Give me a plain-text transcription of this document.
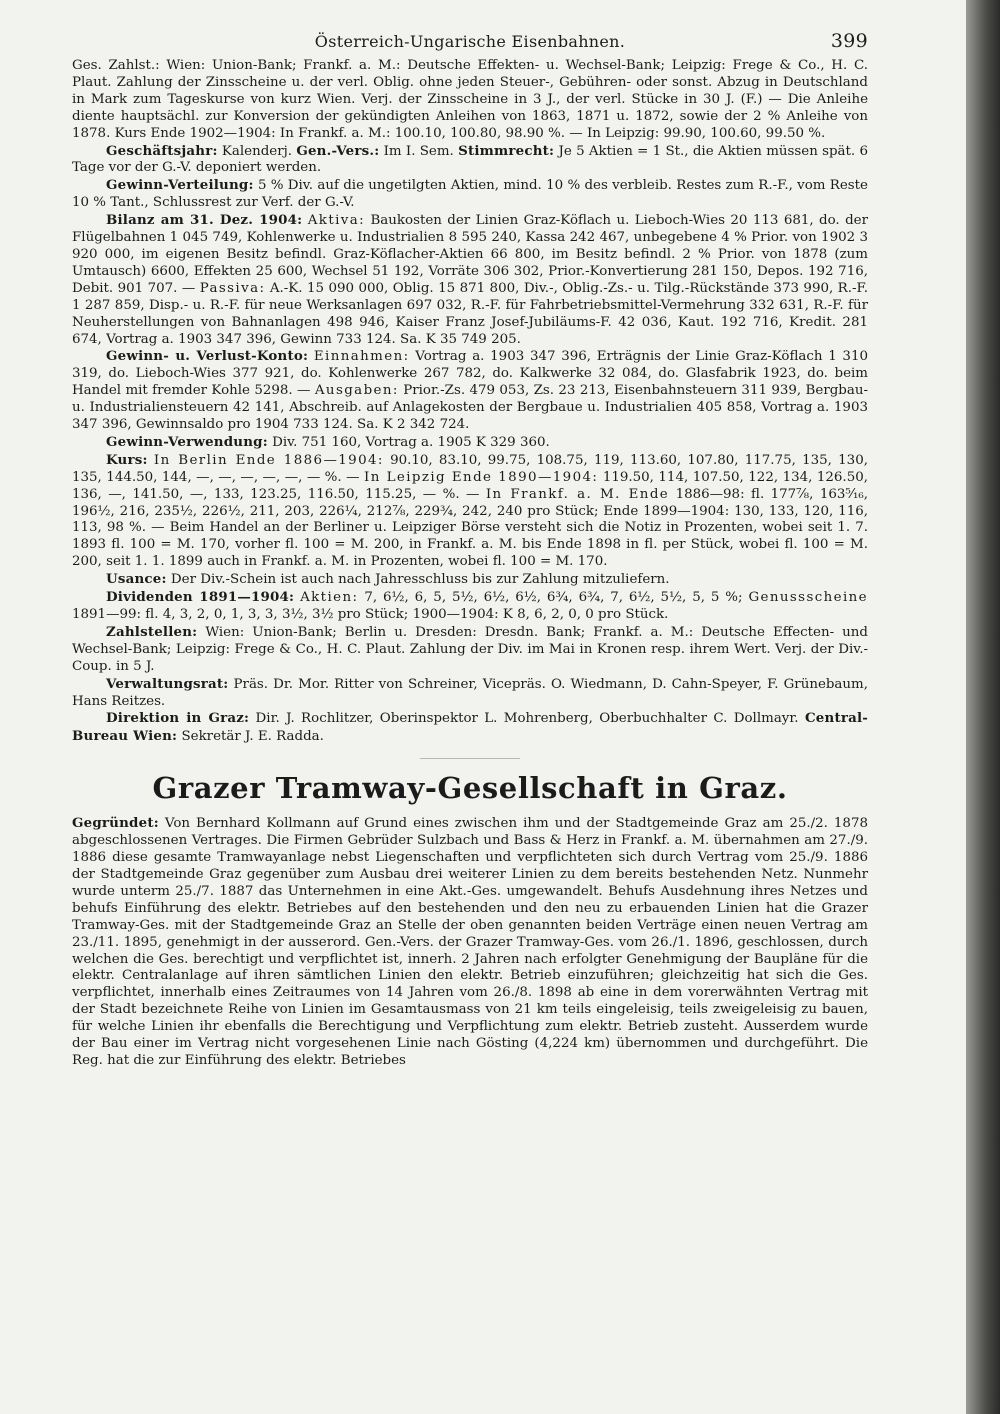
Österreich-Ungarische Eisenbahnen.	399

Ges. Zahlst.: Wien: Union-Bank; Frankf. a. M.: Deutsche Effekten- u. Wechsel-Bank; Leipzig: Frege & Co., H. C. Plaut. Zahlung der Zinsscheine u. der verl. Oblig. ohne jeden Steuer-, Gebühren- oder sonst. Abzug in Deutschland in Mark zum Tageskurse von kurz Wien. Verj. der Zinsscheine in 3 J., der verl. Stücke in 30 J. (F.) — Die Anleihe diente hauptsächl. zur Konversion der gekündigten Anleihen von 1863, 1871 u. 1872, sowie der 2 % Anleihe von 1878. Kurs Ende 1902—1904: In Frankf. a. M.: 100.10, 100.80, 98.90 %. — In Leipzig: 99.90, 100.60, 99.50 %.

Geschäftsjahr: Kalenderj. Gen.-Vers.: Im I. Sem. Stimmrecht: Je 5 Aktien = 1 St., die Aktien müssen spät. 6 Tage vor der G.-V. deponiert werden.

Gewinn-Verteilung: 5 % Div. auf die ungetilgten Aktien, mind. 10 % des verbleib. Restes zum R.-F., vom Reste 10 % Tant., Schlussrest zur Verf. der G.-V.

Bilanz am 31. Dez. 1904: Aktiva: Baukosten der Linien Graz-Köflach u. Lieboch-Wies 20 113 681, do. der Flügelbahnen 1 045 749, Kohlenwerke u. Industrialien 8 595 240, Kassa 242 467, unbegebene 4 % Prior. von 1902 3 920 000, im eigenen Besitz befindl. Graz-Köflacher-Aktien 66 800, im Besitz befindl. 2 % Prior. von 1878 (zum Umtausch) 6600, Effekten 25 600, Wechsel 51 192, Vorräte 306 302, Prior.-Konvertierung 281 150, Depos. 192 716, Debit. 901 707. — Passiva: A.-K. 15 090 000, Oblig. 15 871 800, Div.-, Oblig.-Zs.- u. Tilg.-Rückstände 373 990, R.-F. 1 287 859, Disp.- u. R.-F. für neue Werksanlagen 697 032, R.-F. für Fahrbetriebsmittel-Vermehrung 332 631, R.-F. für Neuherstellungen von Bahnanlagen 498 946, Kaiser Franz Josef-Jubiläums-F. 42 036, Kaut. 192 716, Kredit. 281 674, Vortrag a. 1903 347 396, Gewinn 733 124. Sa. K 35 749 205.

Gewinn- u. Verlust-Konto: Einnahmen: Vortrag a. 1903 347 396, Erträgnis der Linie Graz-Köflach 1 310 319, do. Lieboch-Wies 377 921, do. Kohlenwerke 267 782, do. Kalkwerke 32 084, do. Glasfabrik 1923, do. beim Handel mit fremder Kohle 5298. — Ausgaben: Prior.-Zs. 479 053, Zs. 23 213, Eisenbahnsteuern 311 939, Bergbau- u. Industrialiensteuern 42 141, Abschreib. auf Anlagekosten der Bergbaue u. Industrialien 405 858, Vortrag a. 1903 347 396, Gewinnsaldo pro 1904 733 124. Sa. K 2 342 724.

Gewinn-Verwendung: Div. 751 160, Vortrag a. 1905 K 329 360.

Kurs: In Berlin Ende 1886—1904: 90.10, 83.10, 99.75, 108.75, 119, 113.60, 107.80, 117.75, 135, 130, 135, 144.50, 144, —, —, —, —, —, — %. — In Leipzig Ende 1890—1904: 119.50, 114, 107.50, 122, 134, 126.50, 136, —, 141.50, —, 133, 123.25, 116.50, 115.25, — %. — In Frankf. a. M. Ende 1886—98: fl. 177⅞, 163⁵⁄₁₆, 196½, 216, 235½, 226½, 211, 203, 226¼, 212⅞, 229¾, 242, 240 pro Stück; Ende 1899—1904: 130, 133, 120, 116, 113, 98 %. — Beim Handel an der Berliner u. Leipziger Börse versteht sich die Notiz in Prozenten, wobei seit 1. 7. 1893 fl. 100 = M. 170, vorher fl. 100 = M. 200, in Frankf. a. M. bis Ende 1898 in fl. per Stück, wobei fl. 100 = M. 200, seit 1. 1. 1899 auch in Frankf. a. M. in Prozenten, wobei fl. 100 = M. 170.

Usance: Der Div.-Schein ist auch nach Jahresschluss bis zur Zahlung mitzuliefern.

Dividenden 1891—1904: Aktien: 7, 6½, 6, 5, 5½, 6½, 6½, 6¾, 6¾, 7, 6½, 5½, 5, 5 %; Genussscheine 1891—99: fl. 4, 3, 2, 0, 1, 3, 3, 3½, 3½ pro Stück; 1900—1904: K 8, 6, 2, 0, 0 pro Stück.

Zahlstellen: Wien: Union-Bank; Berlin u. Dresden: Dresdn. Bank; Frankf. a. M.: Deutsche Effecten- und Wechsel-Bank; Leipzig: Frege & Co., H. C. Plaut. Zahlung der Div. im Mai in Kronen resp. ihrem Wert. Verj. der Div.-Coup. in 5 J.

Verwaltungsrat: Präs. Dr. Mor. Ritter von Schreiner, Vicepräs. O. Wiedmann, D. Cahn-Speyer, F. Grünebaum, Hans Reitzes.

Direktion in Graz: Dir. J. Rochlitzer, Oberinspektor L. Mohrenberg, Oberbuchhalter C. Dollmayr. Central-Bureau Wien: Sekretär J. E. Radda.

Grazer Tramway-Gesellschaft in Graz.

Gegründet: Von Bernhard Kollmann auf Grund eines zwischen ihm und der Stadtgemeinde Graz am 25./2. 1878 abgeschlossenen Vertrages. Die Firmen Gebrüder Sulzbach und Bass & Herz in Frankf. a. M. übernahmen am 27./9. 1886 diese gesamte Tramwayanlage nebst Liegenschaften und verpflichteten sich durch Vertrag vom 25./9. 1886 der Stadtgemeinde Graz gegenüber zum Ausbau drei weiterer Linien zu dem bereits bestehenden Netz. Nunmehr wurde unterm 25./7. 1887 das Unternehmen in eine Akt.-Ges. umgewandelt. Behufs Ausdehnung ihres Netzes und behufs Einführung des elektr. Betriebes auf den bestehenden und den neu zu erbauenden Linien hat die Grazer Tramway-Ges. mit der Stadtgemeinde Graz an Stelle der oben genannten beiden Verträge einen neuen Vertrag am 23./11. 1895, genehmigt in der ausserord. Gen.-Vers. der Grazer Tramway-Ges. vom 26./1. 1896, geschlossen, durch welchen die Ges. berechtigt und verpflichtet ist, innerh. 2 Jahren nach erfolgter Genehmigung der Baupläne für die elektr. Centralanlage auf ihren sämtlichen Linien den elektr. Betrieb einzuführen; gleichzeitig hat sich die Ges. verpflichtet, innerhalb eines Zeitraumes von 14 Jahren vom 26./8. 1898 ab eine in dem vorerwähnten Vertrag mit der Stadt bezeichnete Reihe von Linien im Gesamtausmass von 21 km teils eingeleisig, teils zweigeleisig zu bauen, für welche Linien ihr ebenfalls die Berechtigung und Verpflichtung zum elektr. Betrieb zusteht. Ausserdem wurde der Bau einer im Vertrag nicht vorgesehenen Linie nach Gösting (4,224 km) übernommen und durchgeführt. Die Reg. hat die zur Einführung des elektr. Betriebes
